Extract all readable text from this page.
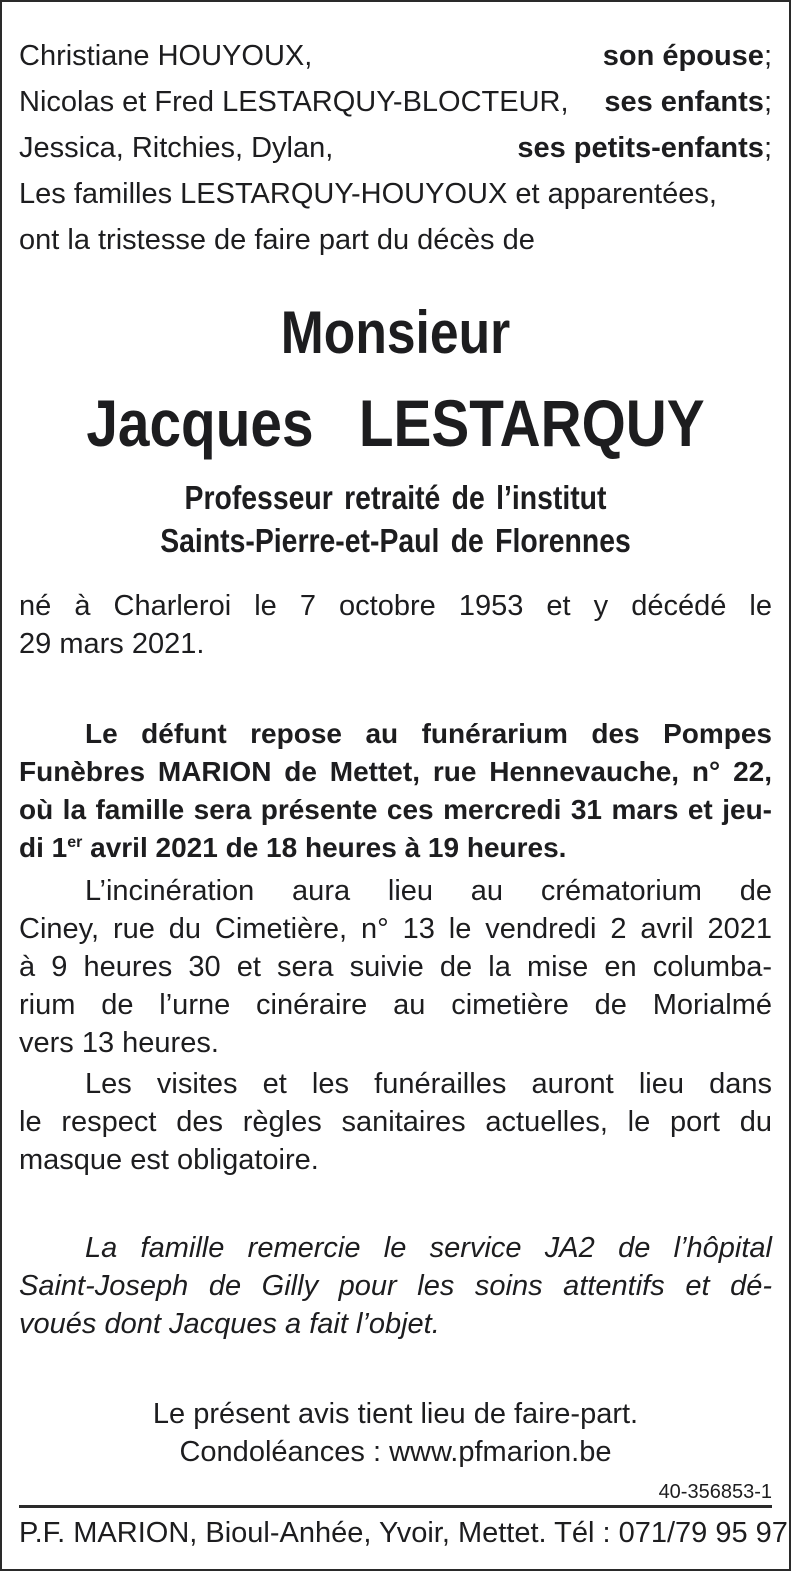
Christiane HOUYOUX,	son épouse;
Nicolas et Fred LESTARQUY-BLOCTEUR, ses enfants;
Jessica, Ritchies, Dylan,	ses petits-enfants;
Les familles LESTARQUY-HOUYOUX et apparentées,
ont la tristesse de faire part du décès de
Monsieur
Jacques  LESTARQUY
Professeur retraité de l’institut
Saints-Pierre-et-Paul de Florennes
né à Charleroi le 7 octobre 1953 et y décédé le
29 mars 2021.
Le défunt repose au funérarium des Pompes
Funèbres MARION de Mettet, rue Hennevauche, n° 22,
où la famille sera présente ces mercredi 31 mars et jeu-
di 1er avril 2021 de 18 heures à 19 heures.
L’incinération aura lieu au crématorium de
Ciney, rue du Cimetière, n° 13 le vendredi 2 avril 2021
à 9 heures 30 et sera suivie de la mise en columba-
rium de l’urne cinéraire au cimetière de Morialmé
vers 13 heures.
Les visites et les funérailles auront lieu dans
le respect des règles sanitaires actuelles, le port du
masque est obligatoire.
La famille remercie le service JA2 de l’hôpital
Saint-Joseph de Gilly pour les soins attentifs et dé-
voués dont Jacques a fait l’objet.
Le présent avis tient lieu de faire-part.
Condoléances : www.pfmarion.be
40-356853-1
P.F. MARION, Bioul-Anhée, Yvoir, Mettet. Tél : 071/79 95 97
